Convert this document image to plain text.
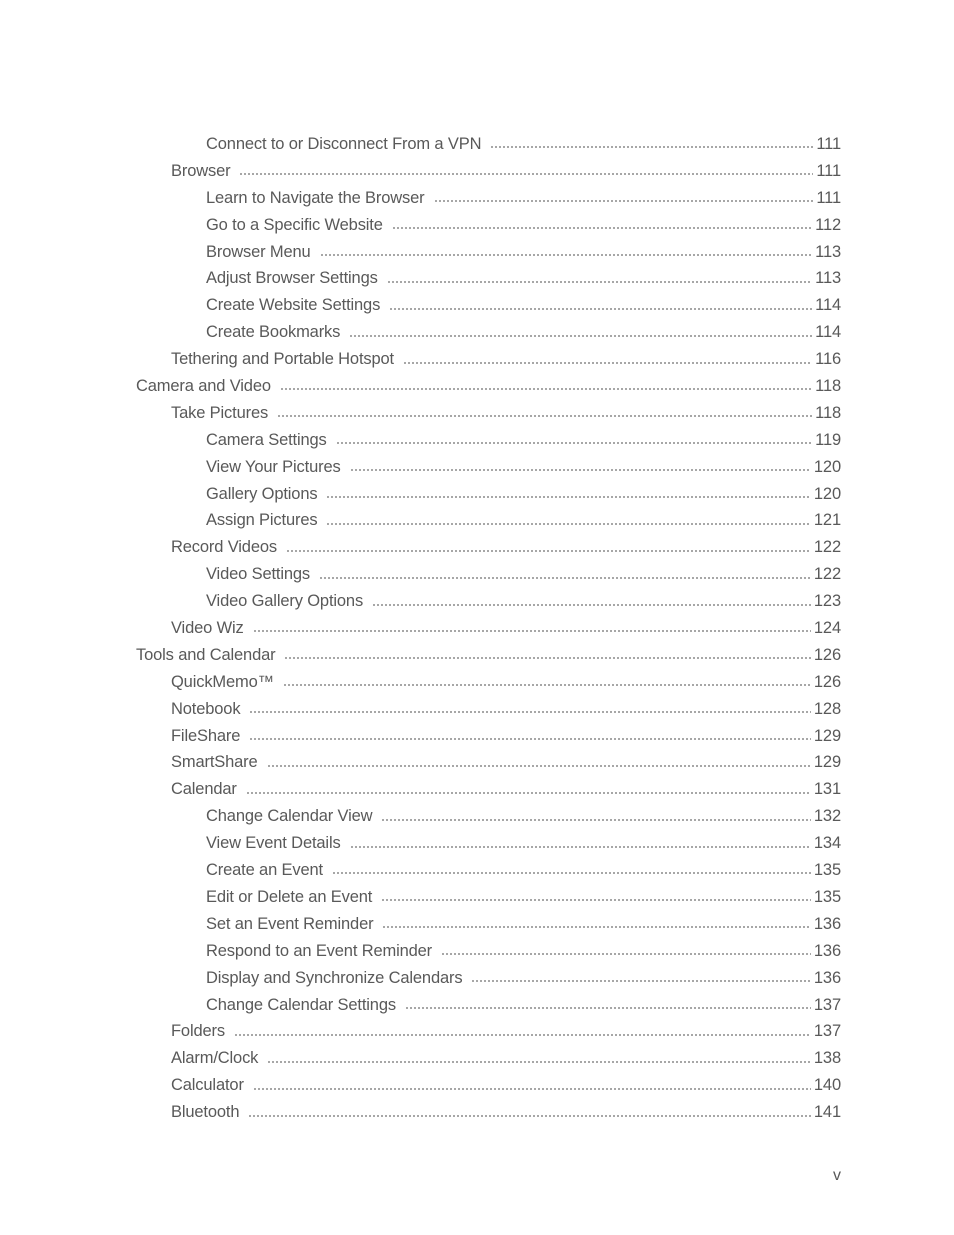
Connect to or Disconnect From a VPN	111
Browser	111
Learn to Navigate the Browser	111
Go to a Specific Website	112
Browser Menu	113
Adjust Browser Settings	113
Create Website Settings	114
Create Bookmarks	114
Tethering and Portable Hotspot	116
Camera and Video	118
Take Pictures	118
Camera Settings	119
View Your Pictures	120
Gallery Options	120
Assign Pictures	121
Record Videos	122
Video Settings	122
Video Gallery Options	123
Video Wiz	124
Tools and Calendar	126
QuickMemo™	126
Notebook	128
FileShare	129
SmartShare	129
Calendar	131
Change Calendar View	132
View Event Details	134
Create an Event	135
Edit or Delete an Event	135
Set an Event Reminder	136
Respond to an Event Reminder	136
Display and Synchronize Calendars	136
Change Calendar Settings	137
Folders	137
Alarm/Clock	138
Calculator	140
Bluetooth	141
v
